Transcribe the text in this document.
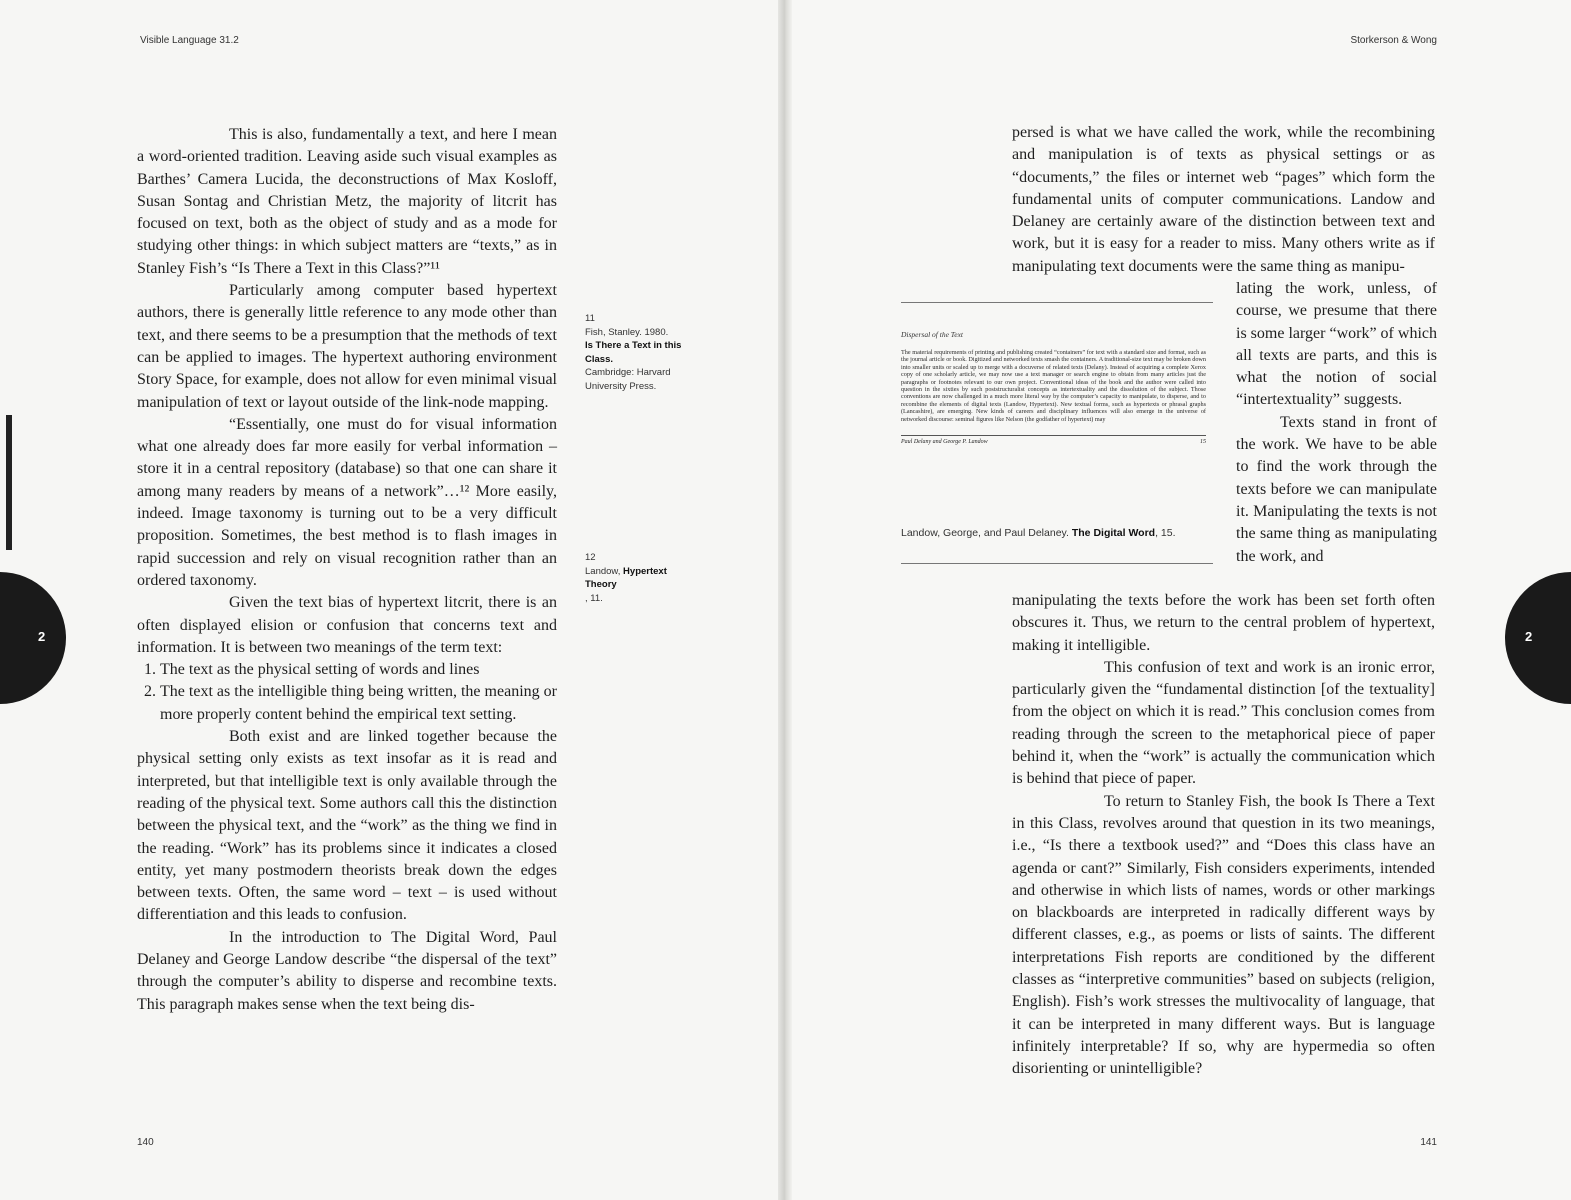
Visible Language 31.2
2

This is also, fundamentally a text, and here I mean a word-oriented tradition. Leaving aside such visual examples as Barthes’ Camera Lucida, the deconstructions of Max Kosloff, Susan Sontag and Christian Metz, the majority of litcrit has focused on text, both as the object of study and as a mode for studying other things: in which subject matters are “texts,” as in Stanley Fish’s “Is There a Text in this Class?”¹¹

Particularly among computer based hypertext authors, there is generally little reference to any mode other than text, and there seems to be a presumption that the methods of text can be applied to images. The hypertext authoring environment Story Space, for example, does not allow for even minimal visual manipulation of text or layout outside of the link-node mapping.

“Essentially, one must do for visual information what one already does far more easily for verbal information – store it in a central repository (database) so that one can share it among many readers by means of a network”…¹² More easily, indeed. Image taxonomy is turning out to be a very difficult proposition. Sometimes, the best method is to flash images in rapid succession and rely on visual recognition rather than an ordered taxonomy.

Given the text bias of hypertext litcrit, there is an often displayed elision or confusion that concerns text and information. It is between two meanings of the term text:

1. The text as the physical setting of words and lines
2. The text as the intelligible thing being written, the meaning or more properly content behind the empirical text setting.

Both exist and are linked together because the physical setting only exists as text insofar as it is read and interpreted, but that intelligible text is only available through the reading of the physical text. Some authors call this the distinction between the physical text, and the “work” as the thing we find in the reading. “Work” has its problems since it indicates a closed entity, yet many postmodern theorists break down the edges between texts. Often, the same word – text – is used without differentiation and this leads to confusion.

In the introduction to The Digital Word, Paul Delaney and George Landow describe “the dispersal of the text” through the computer’s ability to disperse and recombine texts. This paragraph makes sense when the text being dis-

11
Fish, Stanley. 1980.
Is There a Text in this Class.
Cambridge: Harvard University Press.
12
Landow, Hypertext Theory
, 11.
140
Storkerson & Wong
2

persed is what we have called the work, while the recombining and manipulation is of texts as physical settings or as “documents,” the files or internet web “pages” which form the fundamental units of computer communications. Landow and Delaney are certainly aware of the distinction between text and work, but it is easy for a reader to miss. Many others write as if manipulating text documents were the same thing as manipu-

Dispersal of the Text
The material requirements of printing and publishing created “containers” for text with a standard size and format, such as the journal article or book. Digitized and networked texts smash the containers. A traditional-size text may be broken down into smaller units or scaled up to merge with a docuverse of related texts (Delany). Instead of acquiring a complete Xerox copy of one scholarly article, we may now use a text manager or search engine to obtain from many articles just the paragraphs or footnotes relevant to our own project. Conventional ideas of the book and the author were called into question in the sixties by such poststructuralist concepts as intertextuality and the dissolution of the subject. Those conventions are now challenged in a much more literal way by the computer’s capacity to manipulate, to disperse, and to recombine the elements of digital texts (Landow, Hypertext). New textual forms, such as hypertexts or phrasal graphs (Lancashire), are emerging. New kinds of careers and disciplinary influences will also emerge in the universe of networked discourse: seminal figures like Nelson (the godfather of hypertext) may
Paul Delany and George P. Landow	15
Landow, George, and Paul Delaney. The Digital Word, 15.

lating the work, unless, of course, we presume that there is some larger “work” of which all texts are parts, and this is what the notion of social “intertextuality” suggests.

Texts stand in front of the work. We have to be able to find the work through the texts before we can manipulate it. Manipulating the texts is not the same thing as manipulating the work, and

manipulating the texts before the work has been set forth often obscures it. Thus, we return to the central problem of hypertext, making it intelligible.

This confusion of text and work is an ironic error, particularly given the “fundamental distinction [of the textuality] from the object on which it is read.” This conclusion comes from reading through the screen to the metaphorical piece of paper behind it, when the “work” is actually the communication which is behind that piece of paper.

To return to Stanley Fish, the book Is There a Text in this Class, revolves around that question in its two meanings, i.e., “Is there a textbook used?” and “Does this class have an agenda or cant?” Similarly, Fish considers experiments, intended and otherwise in which lists of names, words or other markings on blackboards are interpreted in radically different ways by different classes, e.g., as poems or lists of saints. The different interpretations Fish reports are conditioned by the different classes as “interpretive communities” based on subjects (religion, English). Fish’s work stresses the multivocality of language, that it can be interpreted in many different ways. But is language infinitely interpretable? If so, why are hypermedia so often disorienting or unintelligible?

141
